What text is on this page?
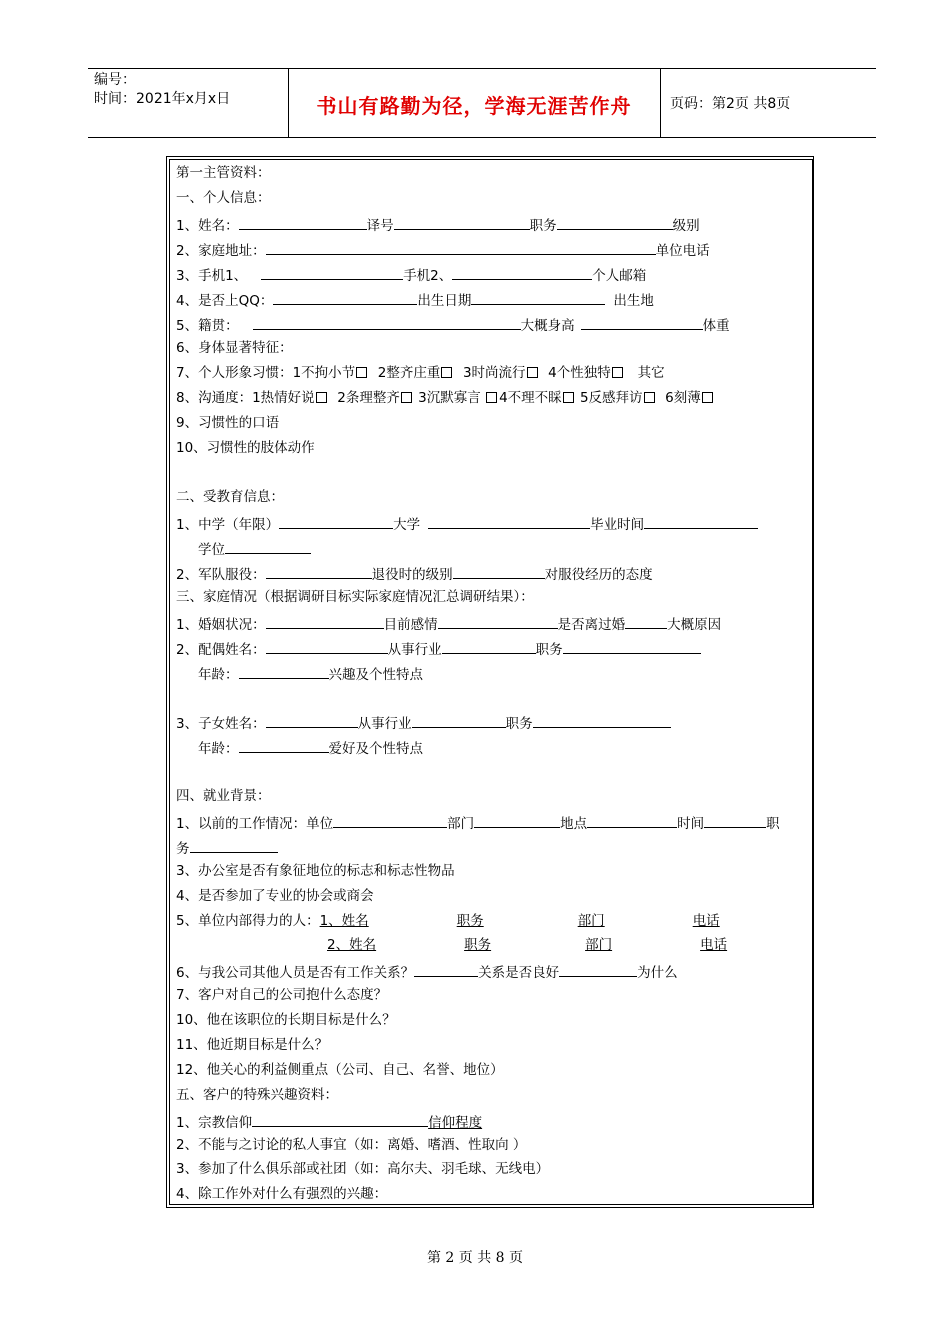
编号：
时间：2021年x月x日	书山有路勤为径，学海无涯苦作舟	页码：第2页 共8页
第一主管资料：
一、个人信息：
1、姓名：	译号	职务	级别
2、家庭地址：	单位电话
3、手机1、	手机2、	个人邮箱
4、是否上QQ：	出生日期	出生地
5、籍贯：	大概身高	体重
6、身体显著特征：
7、个人形象习惯：1不拘小节 2整齐庄重 3时尚流行 4个性独特 其它
8、沟通度：1热情好说 2条理整齐 3沉默寡言 4不理不睬 5反感拜访 6刻薄
9、习惯性的口语
10、习惯性的肢体动作
二、受教育信息：
1、中学（年限）	大学	毕业时间
学位
2、军队服役：	退役时的级别	对服役经历的态度
三、家庭情况（根据调研目标实际家庭情况汇总调研结果）：
1、婚姻状况：	目前感情	是否离过婚	大概原因
2、配偶姓名：	从事行业	职务
年龄：	兴趣及个性特点
3、子女姓名：	从事行业	职务
年龄：	爱好及个性特点
四、就业背景：
1、以前的工作情况：单位	部门	地点	时间	职
务
3、办公室是否有象征地位的标志和标志性物品
4、是否参加了专业的协会或商会
5、单位内部得力的人：1、姓名	职务	部门	电话
2、姓名	职务	部门	电话
6、与我公司其他人员是否有工作关系？	关系是否良好	为什么
7、客户对自己的公司抱什么态度？
10、他在该职位的长期目标是什么？
11、他近期目标是什么？
12、他关心的利益侧重点（公司、自己、名誉、地位）
五、客户的特殊兴趣资料：
1、宗教信仰	信仰程度
2、不能与之讨论的私人事宜（如：离婚、嗜酒、性取向 ）
3、参加了什么俱乐部或社团（如：高尔夫、羽毛球、无线电）
4、除工作外对什么有强烈的兴趣：
第 2 页 共 8 页
